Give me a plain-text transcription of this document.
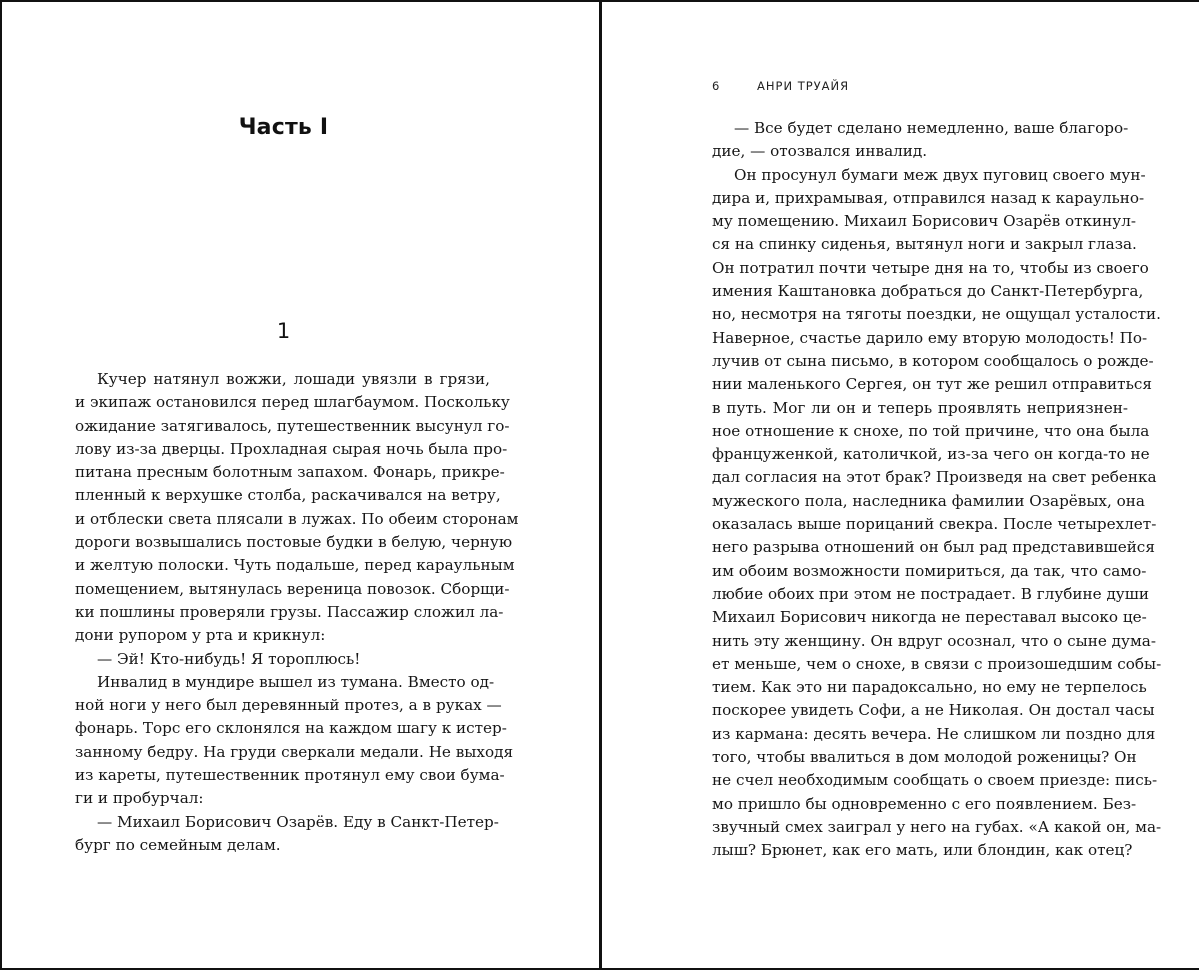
Часть I
1
Кучер натянул вожжи, лошади увязли в грязи,
и экипаж остановился перед шлагбаумом. Поскольку
ожидание затягивалось, путешественник высунул го-
лову из-за дверцы. Прохладная сырая ночь была про-
питана пресным болотным запахом. Фонарь, прикре-
пленный к верхушке столба, раскачивался на ветру,
и отблески света плясали в лужах. По обеим сторонам
дороги возвышались постовые будки в белую, черную
и желтую полоски. Чуть подальше, перед караульным
помещением, вытянулась вереница повозок. Сборщи-
ки пошлины проверяли грузы. Пассажир сложил ла-
дони рупором у рта и крикнул:
— Эй! Кто-нибудь! Я тороплюсь!
Инвалид в мундире вышел из тумана. Вместо од-
ной ноги у него был деревянный протез, а в руках —
фонарь. Торс его склонялся на каждом шагу к истер-
занному бедру. На груди сверкали медали. Не выходя
из кареты, путешественник протянул ему свои бума-
ги и пробурчал:
— Михаил Борисович Озарёв. Еду в Санкт-Петер-
бург по семейным делам.
6	АНРИ ТРУАЙЯ
— Все будет сделано немедленно, ваше благоро-
дие, — отозвался инвалид.
Он просунул бумаги меж двух пуговиц своего мун-
дира и, прихрамывая, отправился назад к караульно-
му помещению. Михаил Борисович Озарёв откинул-
ся на спинку сиденья, вытянул ноги и закрыл глаза.
Он потратил почти четыре дня на то, чтобы из своего
имения Каштановка добраться до Санкт-Петербурга,
но, несмотря на тяготы поездки, не ощущал усталости.
Наверное, счастье дарило ему вторую молодость! По-
лучив от сына письмо, в котором сообщалось о рожде-
нии маленького Сергея, он тут же решил отправиться
в путь. Мог ли он и теперь проявлять неприязнен-
ное отношение к снохе, по той причине, что она была
француженкой, католичкой, из-за чего он когда-то не
дал согласия на этот брак? Произведя на свет ребенка
мужеского пола, наследника фамилии Озарёвых, она
оказалась выше порицаний свекра. После четырехлет-
него разрыва отношений он был рад представившейся
им обоим возможности помириться, да так, что само-
любие обоих при этом не пострадает. В глубине души
Михаил Борисович никогда не переставал высоко це-
нить эту женщину. Он вдруг осознал, что о сыне дума-
ет меньше, чем о снохе, в связи с произошедшим собы-
тием. Как это ни парадоксально, но ему не терпелось
поскорее увидеть Софи, а не Николая. Он достал часы
из кармана: десять вечера. Не слишком ли поздно для
того, чтобы ввалиться в дом молодой роженицы? Он
не счел необходимым сообщать о своем приезде: пись-
мо пришло бы одновременно с его появлением. Без-
звучный смех заиграл у него на губах. «А какой он, ма-
лыш? Брюнет, как его мать, или блондин, как отец?
